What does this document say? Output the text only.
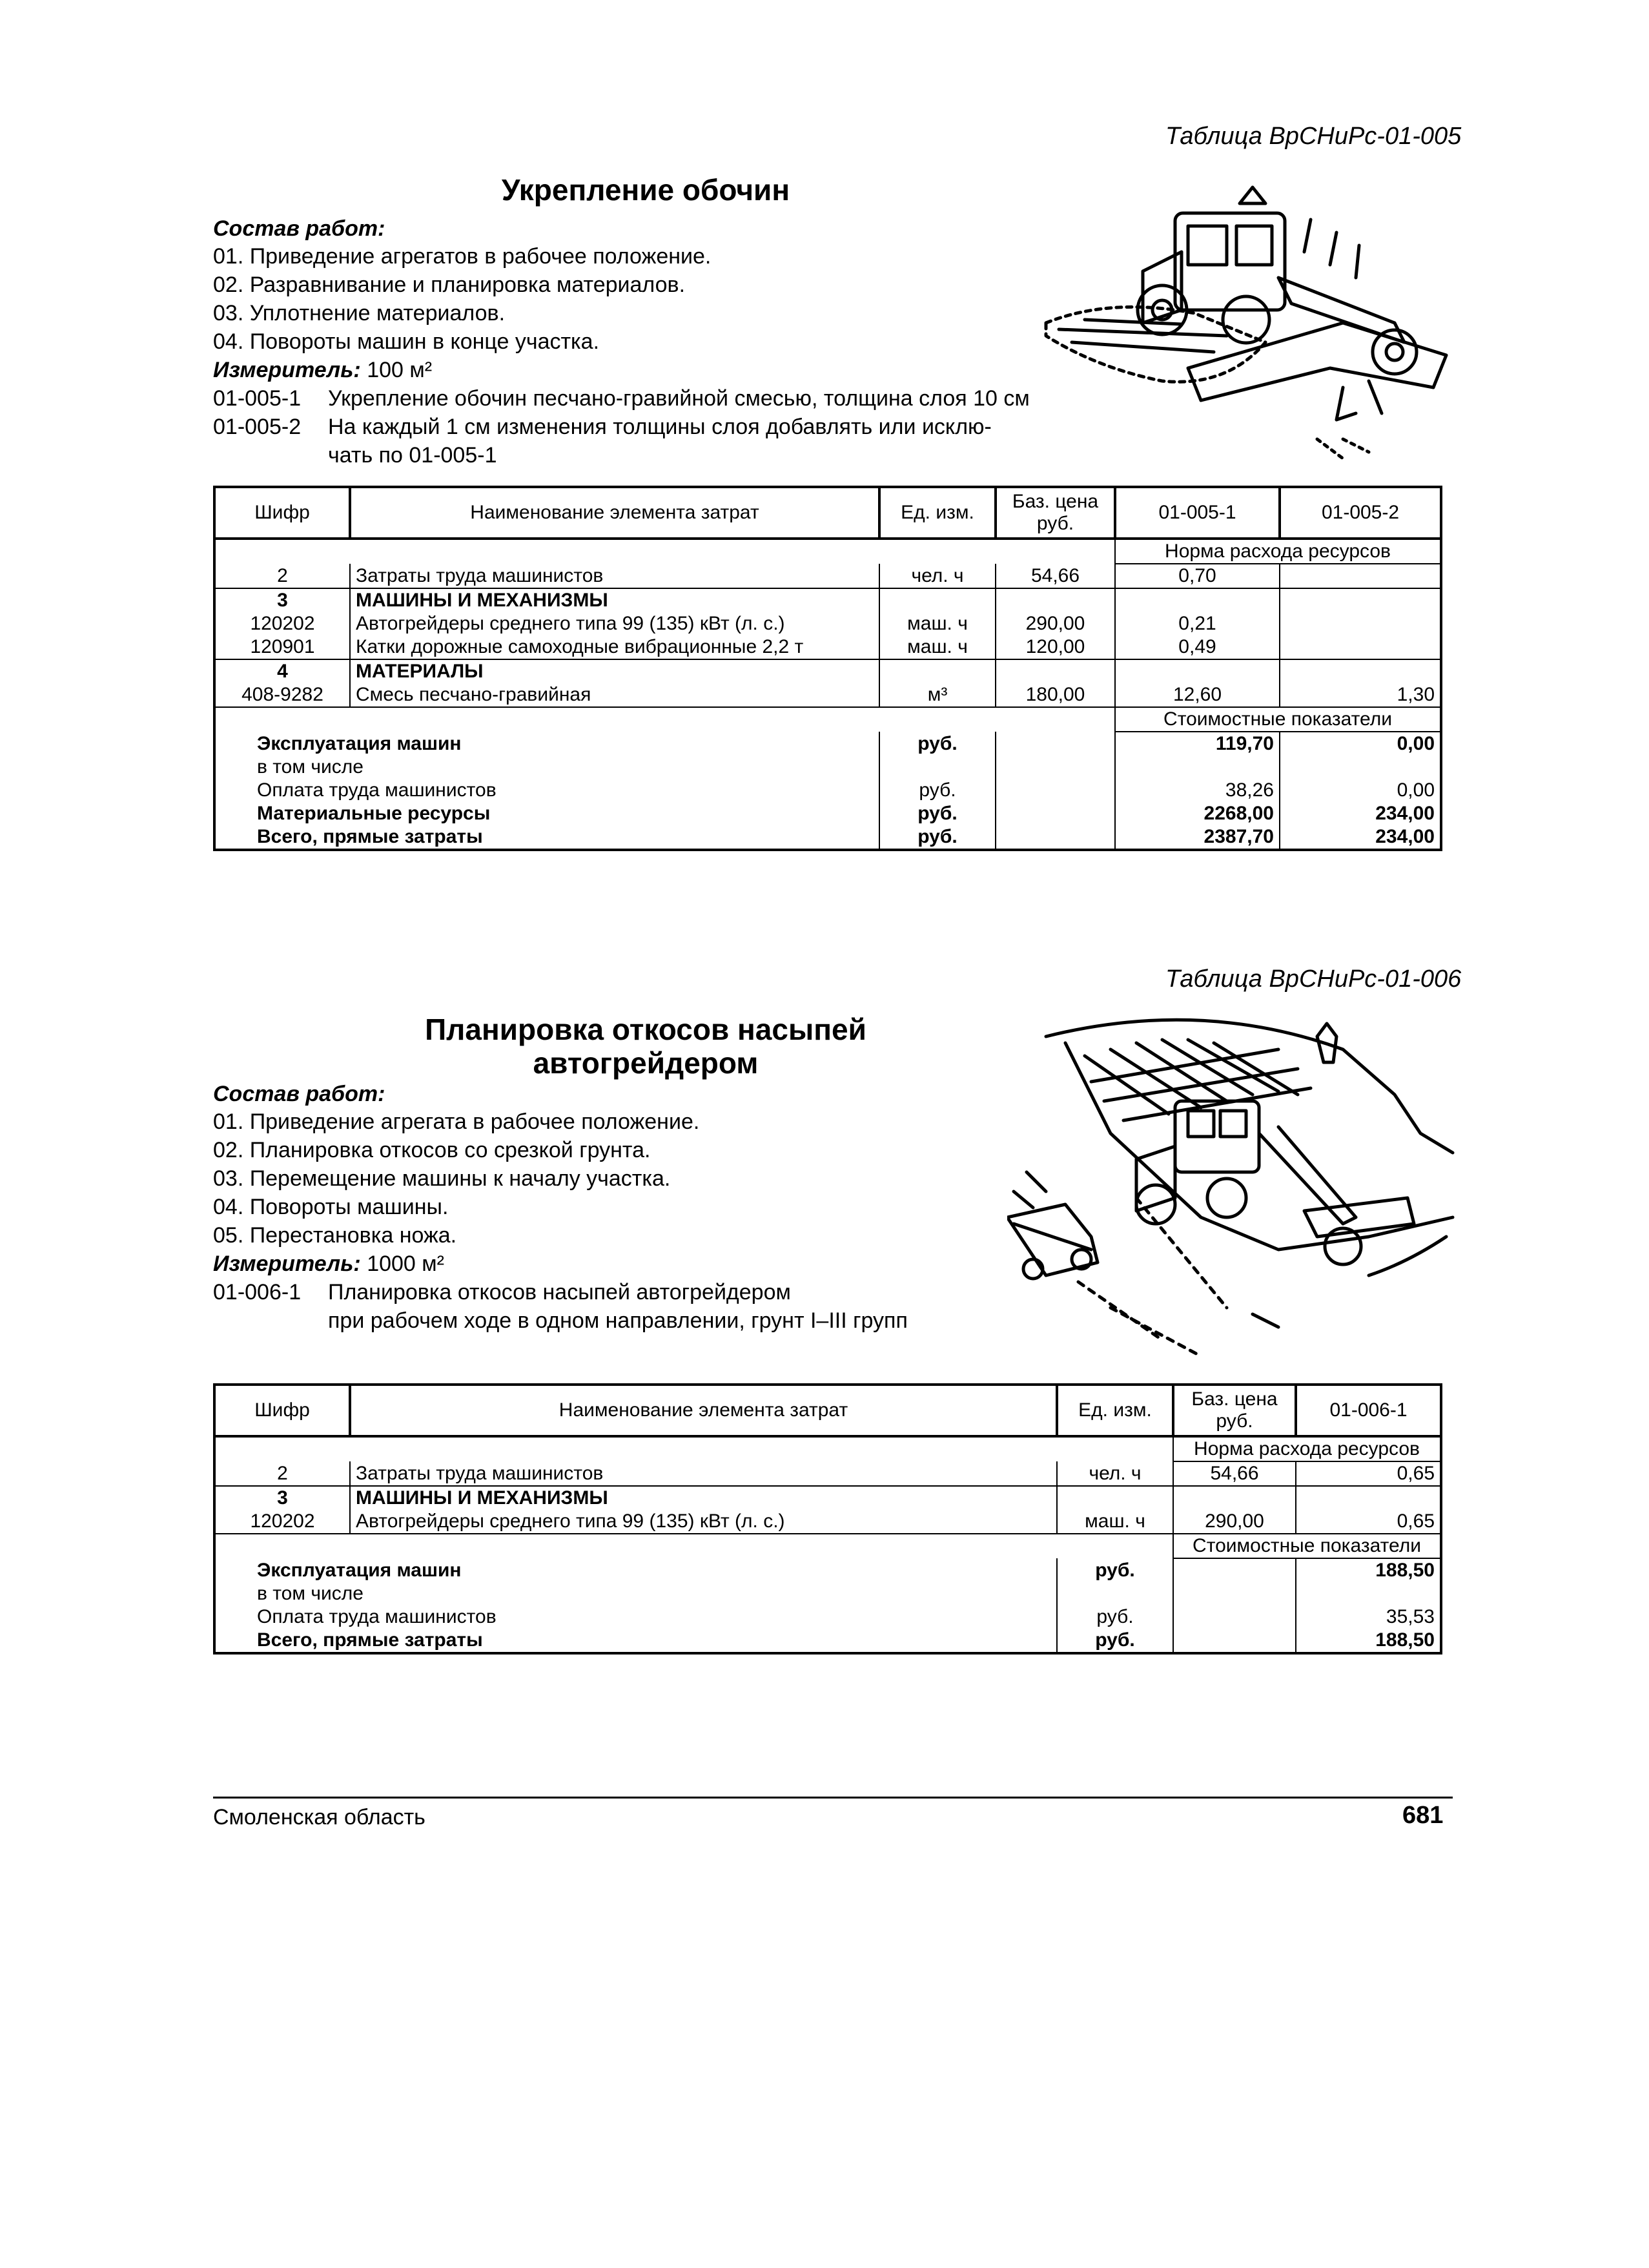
Таблица ВрСНиРс-01-005
Укрепление обочин
Состав работ:
01. Приведение агрегатов в рабочее положение.
02. Разравнивание и планировка материалов.
03. Уплотнение материалов.
04. Повороты машин в конце участка.
Измеритель: 100 м²
01-005-1 Укрепление обочин песчано-гравийной смесью, толщина слоя 10 см
01-005-2 На каждый 1 см изменения толщины слоя добавлять или исклю-
чать по 01-005-1
Шифр	Наименование элемента затрат	Ед. изм.	Баз. цена руб.	01-005-1	01-005-2
				Норма расхода ресурсов	
2	Затраты труда машинистов	чел. ч	54,66	0,70	
3	МАШИНЫ И МЕХАНИЗМЫ				
120202	Автогрейдеры среднего типа 99 (135) кВт (л. с.)	маш. ч	290,00	0,21	
120901	Катки дорожные самоходные вибрационные 2,2 т	маш. ч	120,00	0,49	
4	МАТЕРИАЛЫ				
408-9282	Смесь песчано-гравийная	м³	180,00	12,60	1,30
				Стоимостные показатели	
Эксплуатация машин		руб.		119,70	0,00
в том числе					
Оплата труда машинистов		руб.		38,26	0,00
Материальные ресурсы		руб.		2268,00	234,00
Всего, прямые затраты		руб.		2387,70	234,00
Таблица ВрСНиРс-01-006
Планировка откосов насыпей
автогрейдером
Состав работ:
01. Приведение агрегата в рабочее положение.
02. Планировка откосов со срезкой грунта.
03. Перемещение машины к началу участка.
04. Повороты машины.
05. Перестановка ножа.
Измеритель: 1000 м²
01-006-1 Планировка откосов насыпей автогрейдером
при рабочем ходе в одном направлении, грунт I–III групп
Шифр	Наименование элемента затрат	Ед. изм.	Баз. цена руб.	01-006-1
			Норма расхода ресурсов	
2	Затраты труда машинистов	чел. ч	54,66	0,65
3	МАШИНЫ И МЕХАНИЗМЫ			
120202	Автогрейдеры среднего типа 99 (135) кВт (л. с.)	маш. ч	290,00	0,65
			Стоимостные показатели	
Эксплуатация машин		руб.		188,50
в том числе				
Оплата труда машинистов		руб.		35,53
Всего, прямые затраты		руб.		188,50
Смоленская область	681
